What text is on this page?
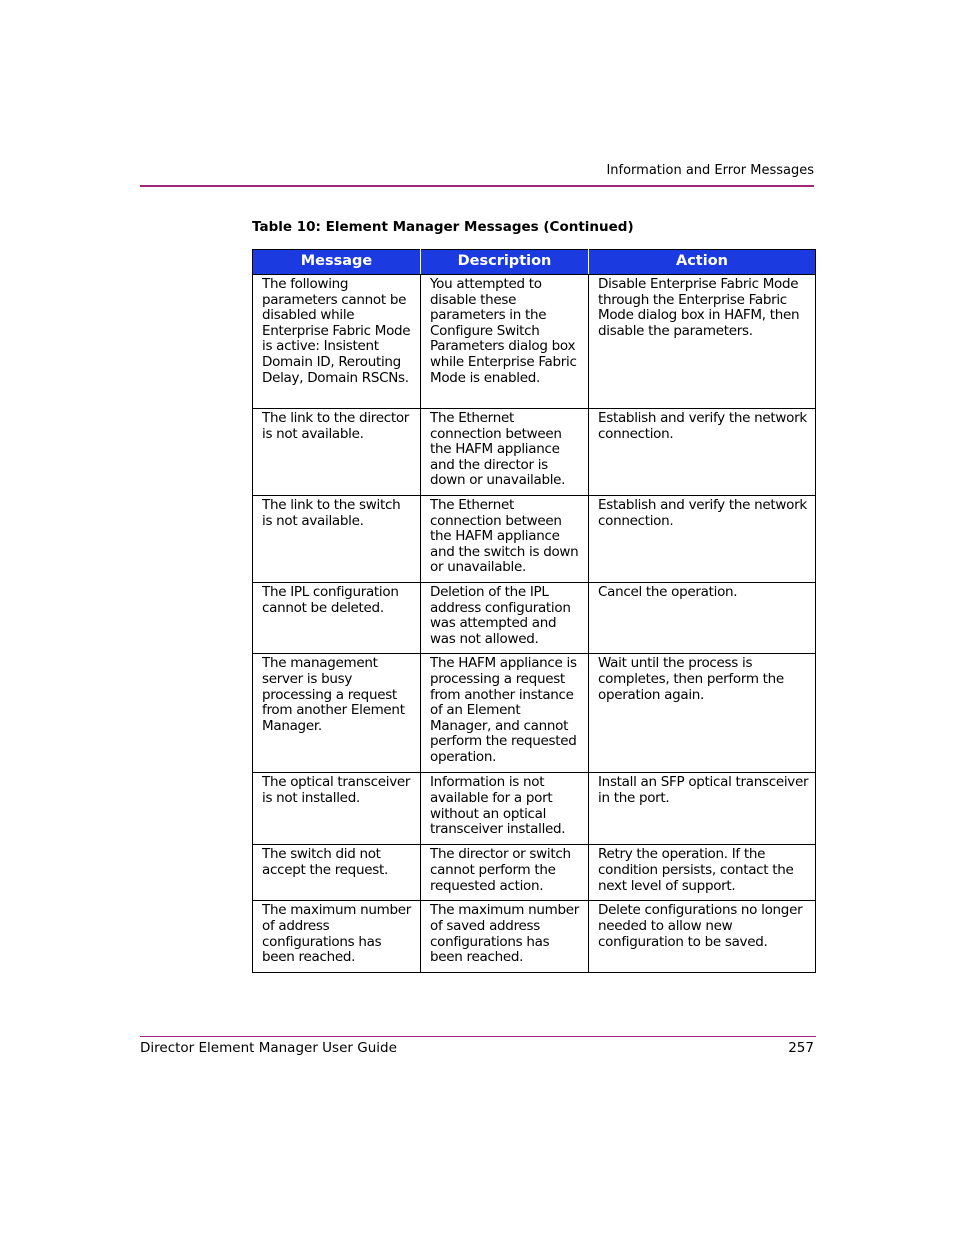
Information and Error Messages
Table 10: Element Manager Messages (Continued)
Message	Description	Action
The following parameters cannot be disabled while Enterprise Fabric Mode is active: Insistent Domain ID, Rerouting Delay, Domain RSCNs.	You attempted to disable these parameters in the Configure Switch Parameters dialog box while Enterprise Fabric Mode is enabled.	Disable Enterprise Fabric Mode through the Enterprise Fabric Mode dialog box in HAFM, then disable the parameters.
The link to the director is not available.	The Ethernet connection between the HAFM appliance and the director is down or unavailable.	Establish and verify the network connection.
The link to the switch is not available.	The Ethernet connection between the HAFM appliance and the switch is down or unavailable.	Establish and verify the network connection.
The IPL configuration cannot be deleted.	Deletion of the IPL address configuration was attempted and was not allowed.	Cancel the operation.
The management server is busy processing a request from another Element Manager.	The HAFM appliance is processing a request from another instance of an Element Manager, and cannot perform the requested operation.	Wait until the process is completes, then perform the operation again.
The optical transceiver is not installed.	Information is not available for a port without an optical transceiver installed.	Install an SFP optical transceiver in the port.
The switch did not accept the request.	The director or switch cannot perform the requested action.	Retry the operation. If the condition persists, contact the next level of support.
The maximum number of address configurations has been reached.	The maximum number of saved address configurations has been reached.	Delete configurations no longer needed to allow new configuration to be saved.
Director Element Manager User Guide	257
